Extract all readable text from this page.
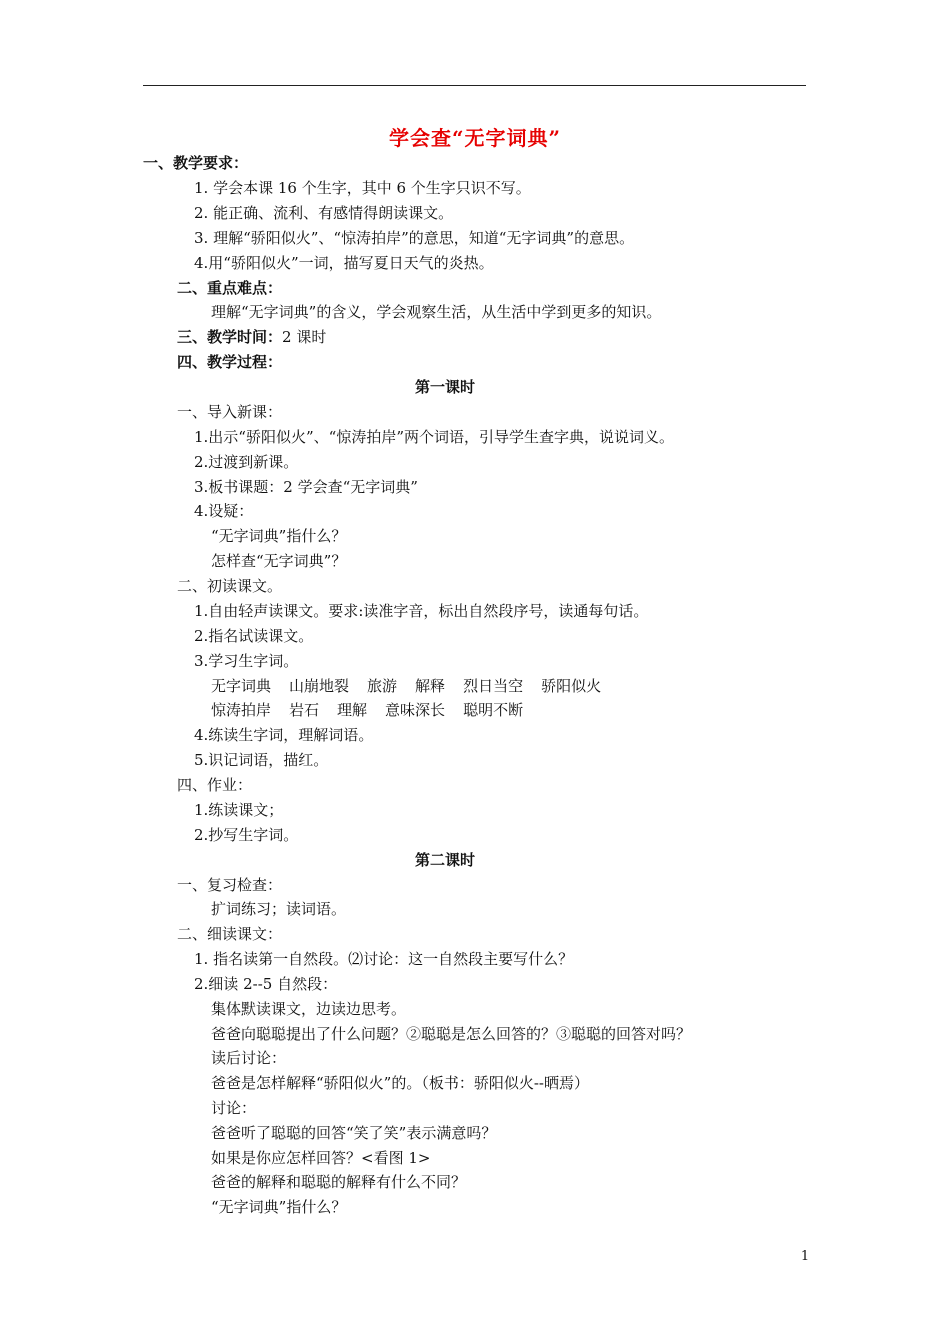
学会查“无字词典”
一、教学要求：
1. 学会本课 16 个生字，其中 6 个生字只识不写。
2. 能正确、流利、有感情得朗读课文。
3. 理解“骄阳似火”、“惊涛拍岸”的意思，知道“无字词典”的意思。
4.用“骄阳似火”一词，描写夏日天气的炎热。
二、重点难点：
理解“无字词典”的含义，学会观察生活，从生活中学到更多的知识。
三、教学时间：2 课时
四、教学过程：
第一课时
一、导入新课：
1.出示“骄阳似火”、“惊涛拍岸”两个词语，引导学生查字典，说说词义。
2.过渡到新课。
3.板书课题：2 学会查“无字词典”
4.设疑：
“无字词典”指什么？
怎样查“无字词典”？
二、初读课文。
1.自由轻声读课文。要求:读准字音，标出自然段序号，读通每句话。
2.指名试读课文。
3.学习生字词。
无字词典 山崩地裂 旅游 解释 烈日当空 骄阳似火
惊涛拍岸 岩石 理解 意味深长 聪明不断
4.练读生字词，理解词语。
5.识记词语，描红。
四、作业：
1.练读课文；
2.抄写生字词。
第二课时
一、复习检查：
扩词练习；读词语。
二、细读课文：
1. 指名读第一自然段。⑵讨论：这一自然段主要写什么？
2.细读 2--5 自然段：
集体默读课文，边读边思考。
爸爸向聪聪提出了什么问题？②聪聪是怎么回答的？③聪聪的回答对吗？
读后讨论：
爸爸是怎样解释“骄阳似火”的。（板书：骄阳似火--晒焉）
讨论：
爸爸听了聪聪的回答“笑了笑”表示满意吗？
如果是你应怎样回答？<看图 1>
爸爸的解释和聪聪的解释有什么不同？
“无字词典”指什么？
1
